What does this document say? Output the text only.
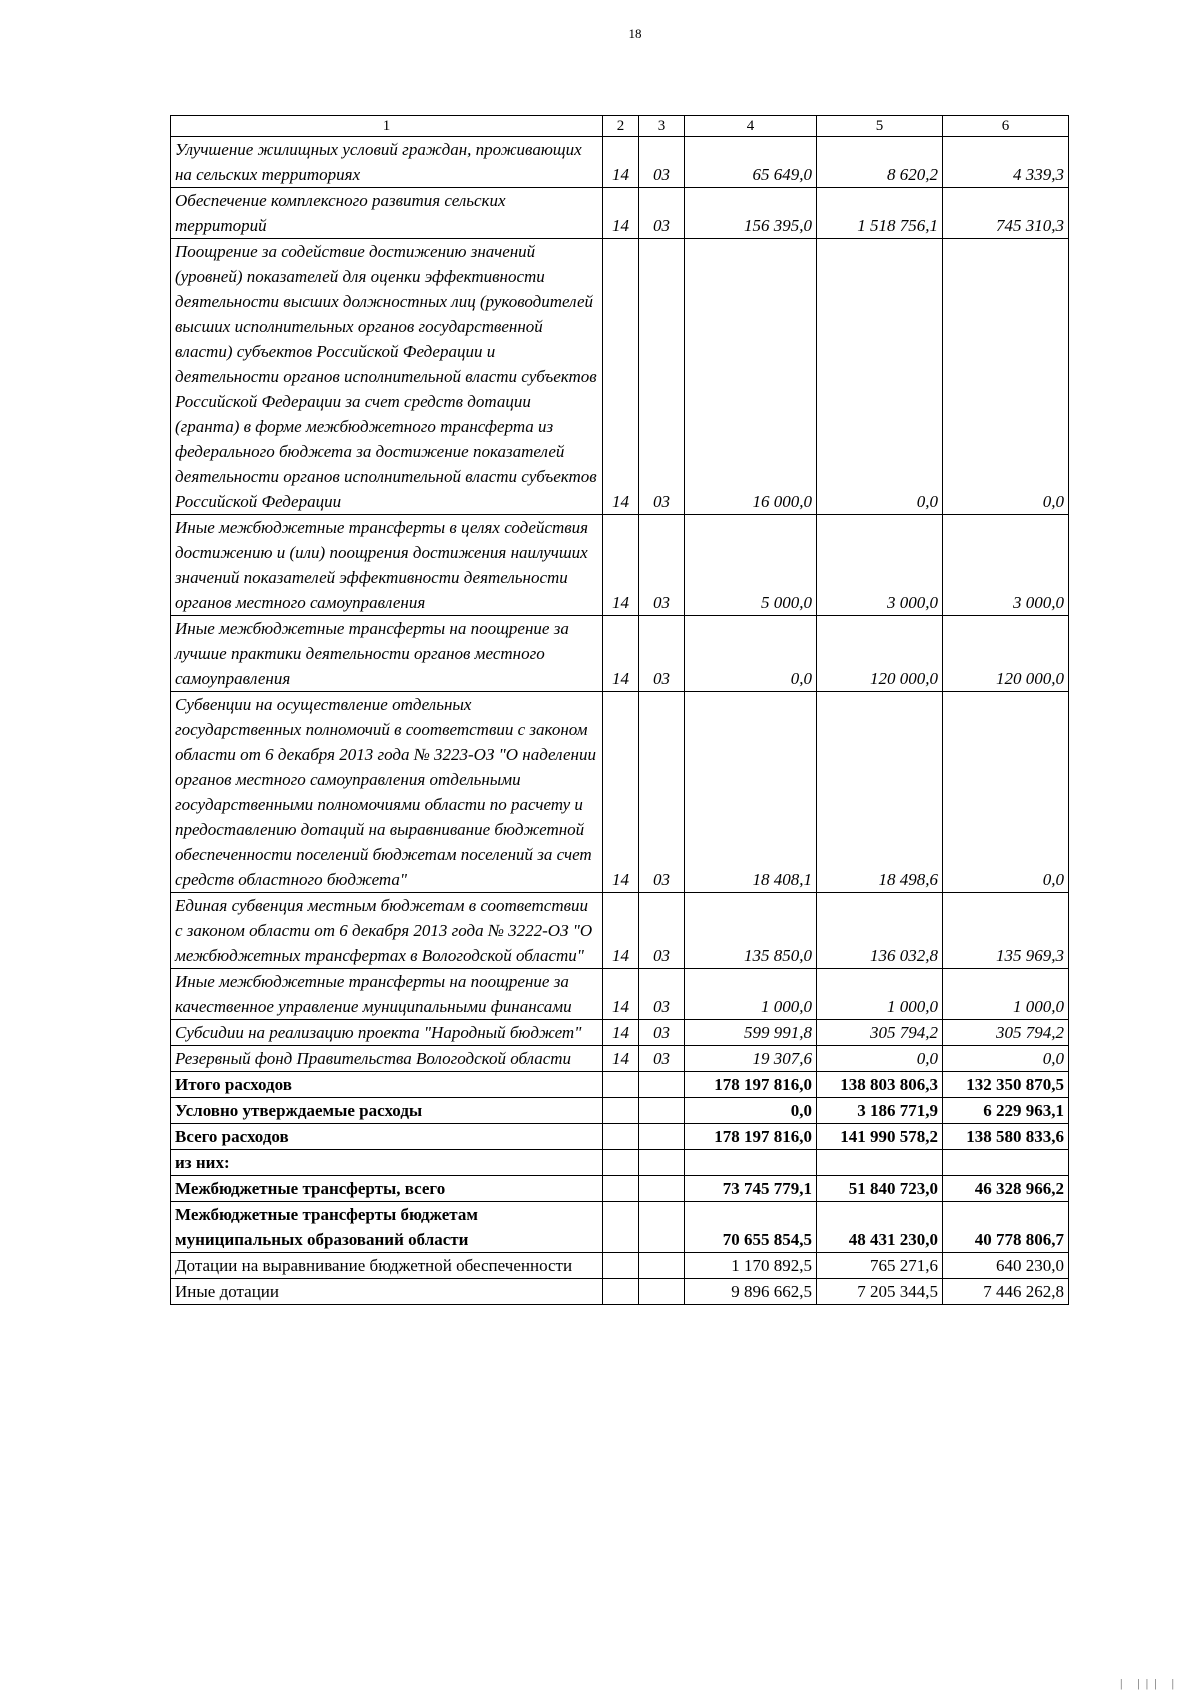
18
1	2	3	4	5	6
Улучшение жилищных условий граждан, проживающих на сельских территориях	14	03	65 649,0	8 620,2	4 339,3
Обеспечение комплексного развития сельских территорий	14	03	156 395,0	1 518 756,1	745 310,3
Поощрение за содействие достижению значений (уровней) показателей для оценки эффективности деятельности высших должностных лиц (руководителей высших исполнительных органов государственной власти) субъектов Российской Федерации и деятельности органов исполнительной власти субъектов Российской Федерации за счет средств дотации (гранта) в форме межбюджетного трансферта из федерального бюджета за достижение показателей деятельности органов исполнительной власти субъектов Российской Федерации	14	03	16 000,0	0,0	0,0
Иные межбюджетные трансферты в целях содействия достижению и (или) поощрения достижения наилучших значений показателей эффективности деятельности органов местного самоуправления	14	03	5 000,0	3 000,0	3 000,0
Иные межбюджетные трансферты на поощрение за лучшие практики деятельности органов местного самоуправления	14	03	0,0	120 000,0	120 000,0
Субвенции на осуществление отдельных государственных полномочий в соответствии с законом области от 6 декабря 2013 года № 3223-ОЗ "О наделении органов местного самоуправления отдельными государственными полномочиями области по расчету и предоставлению дотаций на выравнивание бюджетной обеспеченности поселений бюджетам поселений за счет средств областного бюджета"	14	03	18 408,1	18 498,6	0,0
Единая субвенция местным бюджетам в соответствии с законом области от 6 декабря 2013 года № 3222-ОЗ "О межбюджетных трансфертах в Вологодской области"	14	03	135 850,0	136 032,8	135 969,3
Иные межбюджетные трансферты на поощрение за качественное управление муниципальными финансами	14	03	1 000,0	1 000,0	1 000,0
Субсидии на реализацию проекта "Народный бюджет"	14	03	599 991,8	305 794,2	305 794,2
Резервный фонд Правительства Вологодской области	14	03	19 307,6	0,0	0,0
Итого расходов			178 197 816,0	138 803 806,3	132 350 870,5
Условно утверждаемые расходы			0,0	3 186 771,9	6 229 963,1
Всего расходов			178 197 816,0	141 990 578,2	138 580 833,6
из них:					
Межбюджетные трансферты, всего			73 745 779,1	51 840 723,0	46 328 966,2
Межбюджетные трансферты бюджетам муниципальных образований области			70 655 854,5	48 431 230,0	40 778 806,7
Дотации на выравнивание бюджетной обеспеченности			1 170 892,5	765 271,6	640 230,0
Иные дотации			9 896 662,5	7 205 344,5	7 446 262,8
| ||| |
